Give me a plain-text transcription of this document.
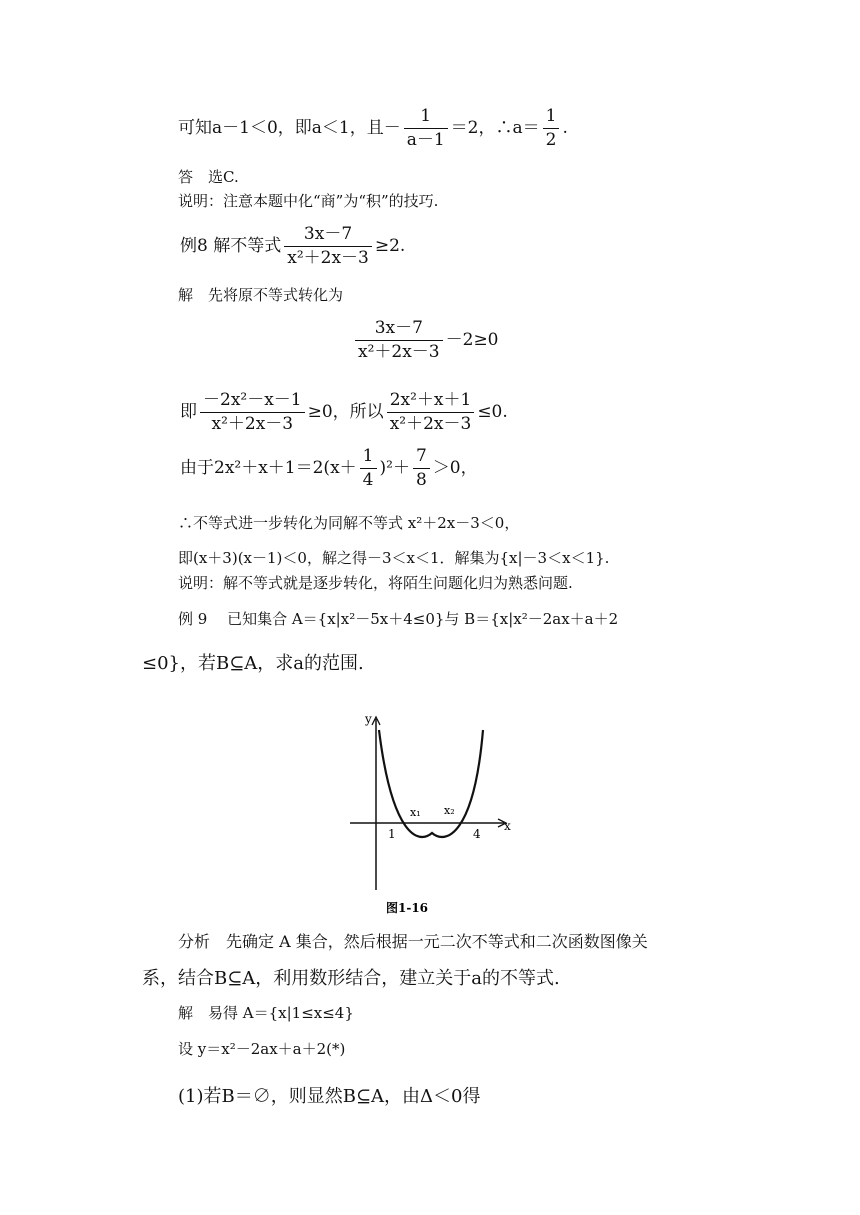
可知a－1＜0，即a＜1，且－ $\frac{1}{a-1} =2$，∴a＝ $\frac{1}{2}$ .
答　选C.
说明：注意本题中化“商”为“积”的技巧.
例8 解不等式 $\frac{3x-7}{\text{x²＋2x－3}} \ge 2$.
解　先将原不等式转化为
$\frac{3x-7}{\text{x²＋2x－3}} -2\ge 0$
即 $\frac{\text{－2x²－x－1}}{\text{x²＋2x－3}} \ge 0$，所以 $\frac{\text{2x²＋x＋1}}{\text{x²＋2x－3}} \le 0$.
由于$2x^2+x+1=2(x+ \frac{1}{4} )^2+ \frac{7}{8} >0$，
∴不等式进一步转化为同解不等式 x²＋2x－3＜0，
即(x＋3)(x－1)＜0，解之得－3＜x＜1．解集为{x|－3＜x＜1}.
说明：解不等式就是逐步转化，将陌生问题化归为熟悉问题.
例 9　 已知集合 A＝{x|x²－5x＋4≤0}与 B＝{x|x²－2ax＋a＋2
≤0}，若B⊆A，求a的范围.
y
x
x₁ x₂
1	4
图1-16
分析　先确定 A 集合，然后根据一元二次不等式和二次函数图像关
系，结合B⊆A，利用数形结合，建立关于a的不等式.
解　易得 A＝{x|1≤x≤4}
设 y＝x²－2ax＋a＋2(*)
(1)若B＝∅，则显然B⊆A，由Δ＜0得
